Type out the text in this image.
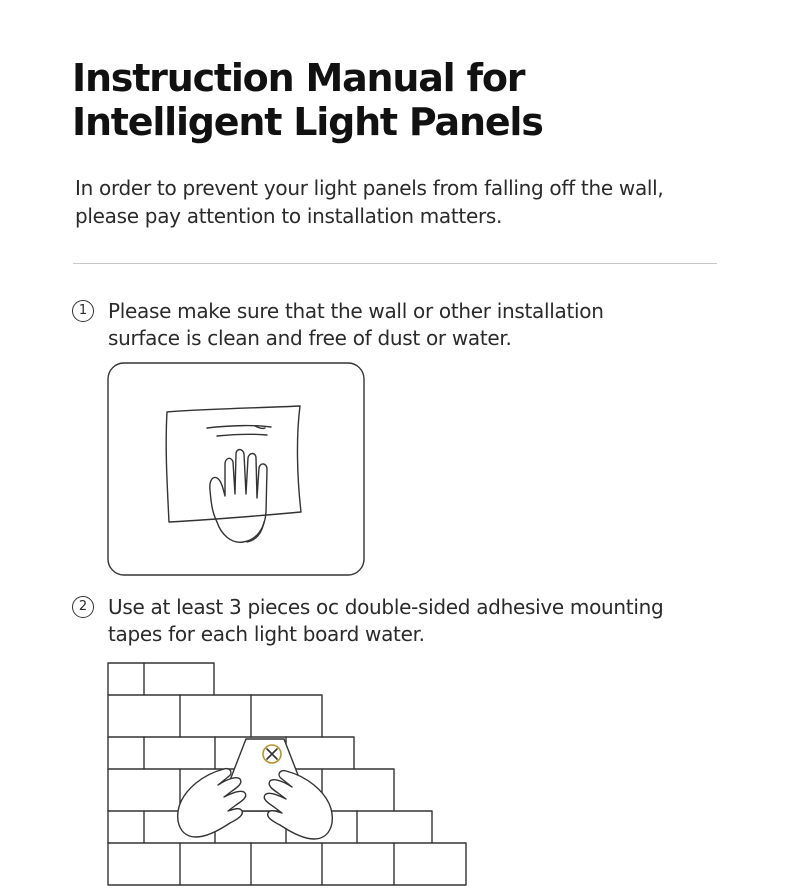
Instruction Manual for
Intelligent Light Panels

In order to prevent your light panels from falling off the wall,
please pay attention to installation matters.

1	Please make sure that the wall or other installation
surface is clean and free of dust or water.
2	Use at least 3 pieces oc double-sided adhesive mounting
tapes for each light board water.
